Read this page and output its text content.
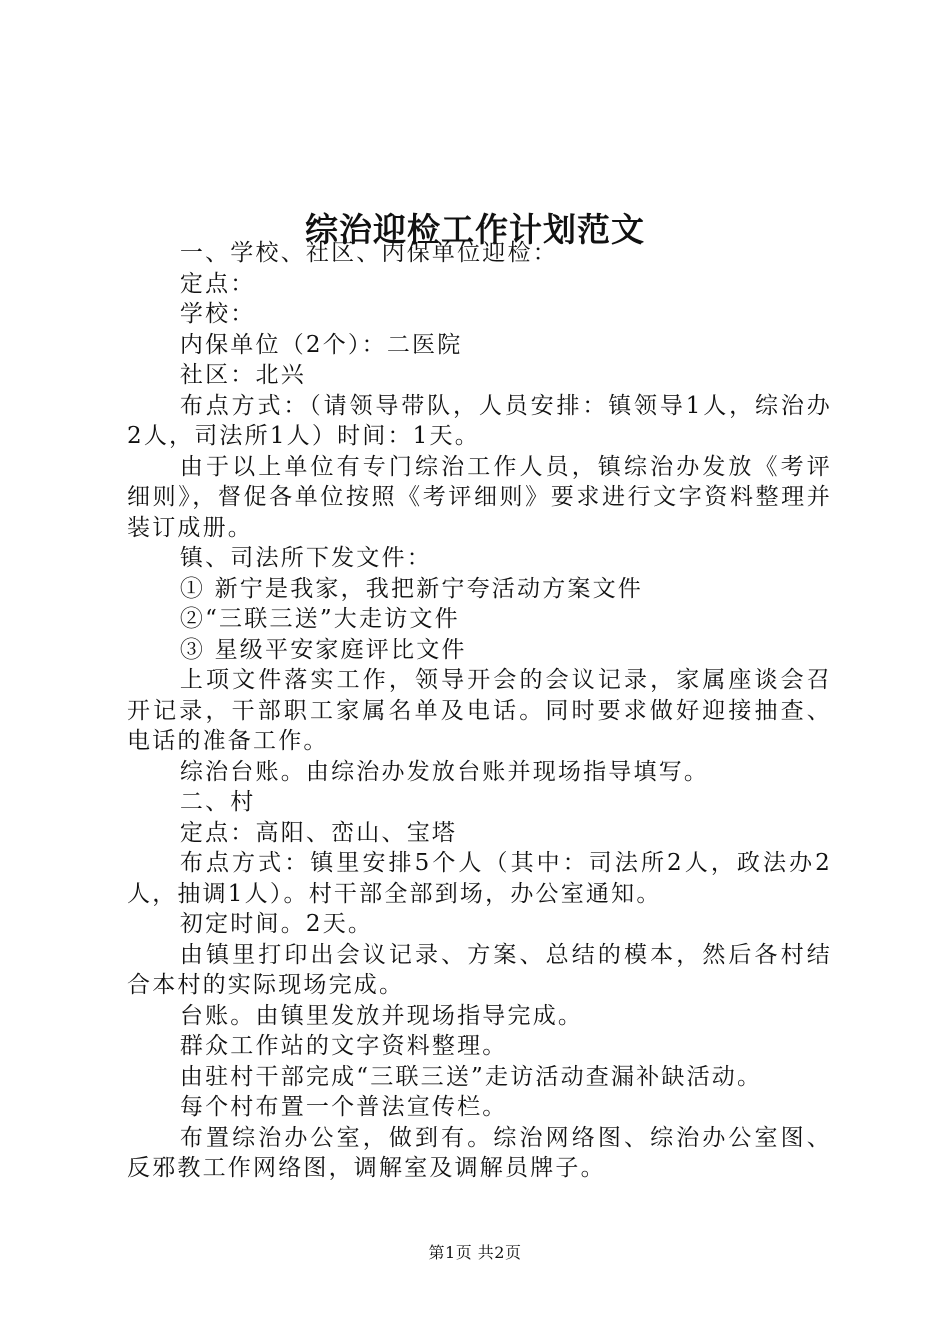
综治迎检工作计划范文

一、学校、社区、内保单位迎检：

定点：

学校：

内保单位（2个）：二医院

社区：北兴

布点方式：（请领导带队，人员安排：镇领导1人，综治办2人，司法所1人）时间：1天。

由于以上单位有专门综治工作人员，镇综治办发放《考评细则》，督促各单位按照《考评细则》要求进行文字资料整理并装订成册。

镇、司法所下发文件：

① 新宁是我家，我把新宁夸活动方案文件

②“三联三送”大走访文件

③ 星级平安家庭评比文件

上项文件落实工作，领导开会的会议记录，家属座谈会召开记录，干部职工家属名单及电话。同时要求做好迎接抽查、电话的准备工作。

综治台账。由综治办发放台账并现场指导填写。

二、村

定点：高阳、峦山、宝塔

布点方式：镇里安排5个人（其中：司法所2人，政法办2人，抽调1人）。村干部全部到场，办公室通知。

初定时间。2天。

由镇里打印出会议记录、方案、总结的模本，然后各村结合本村的实际现场完成。

台账。由镇里发放并现场指导完成。

群众工作站的文字资料整理。

由驻村干部完成“三联三送”走访活动查漏补缺活动。

每个村布置一个普法宣传栏。

布置综治办公室，做到有。综治网络图、综治办公室图、反邪教工作网络图，调解室及调解员牌子。

第1页 共2页
